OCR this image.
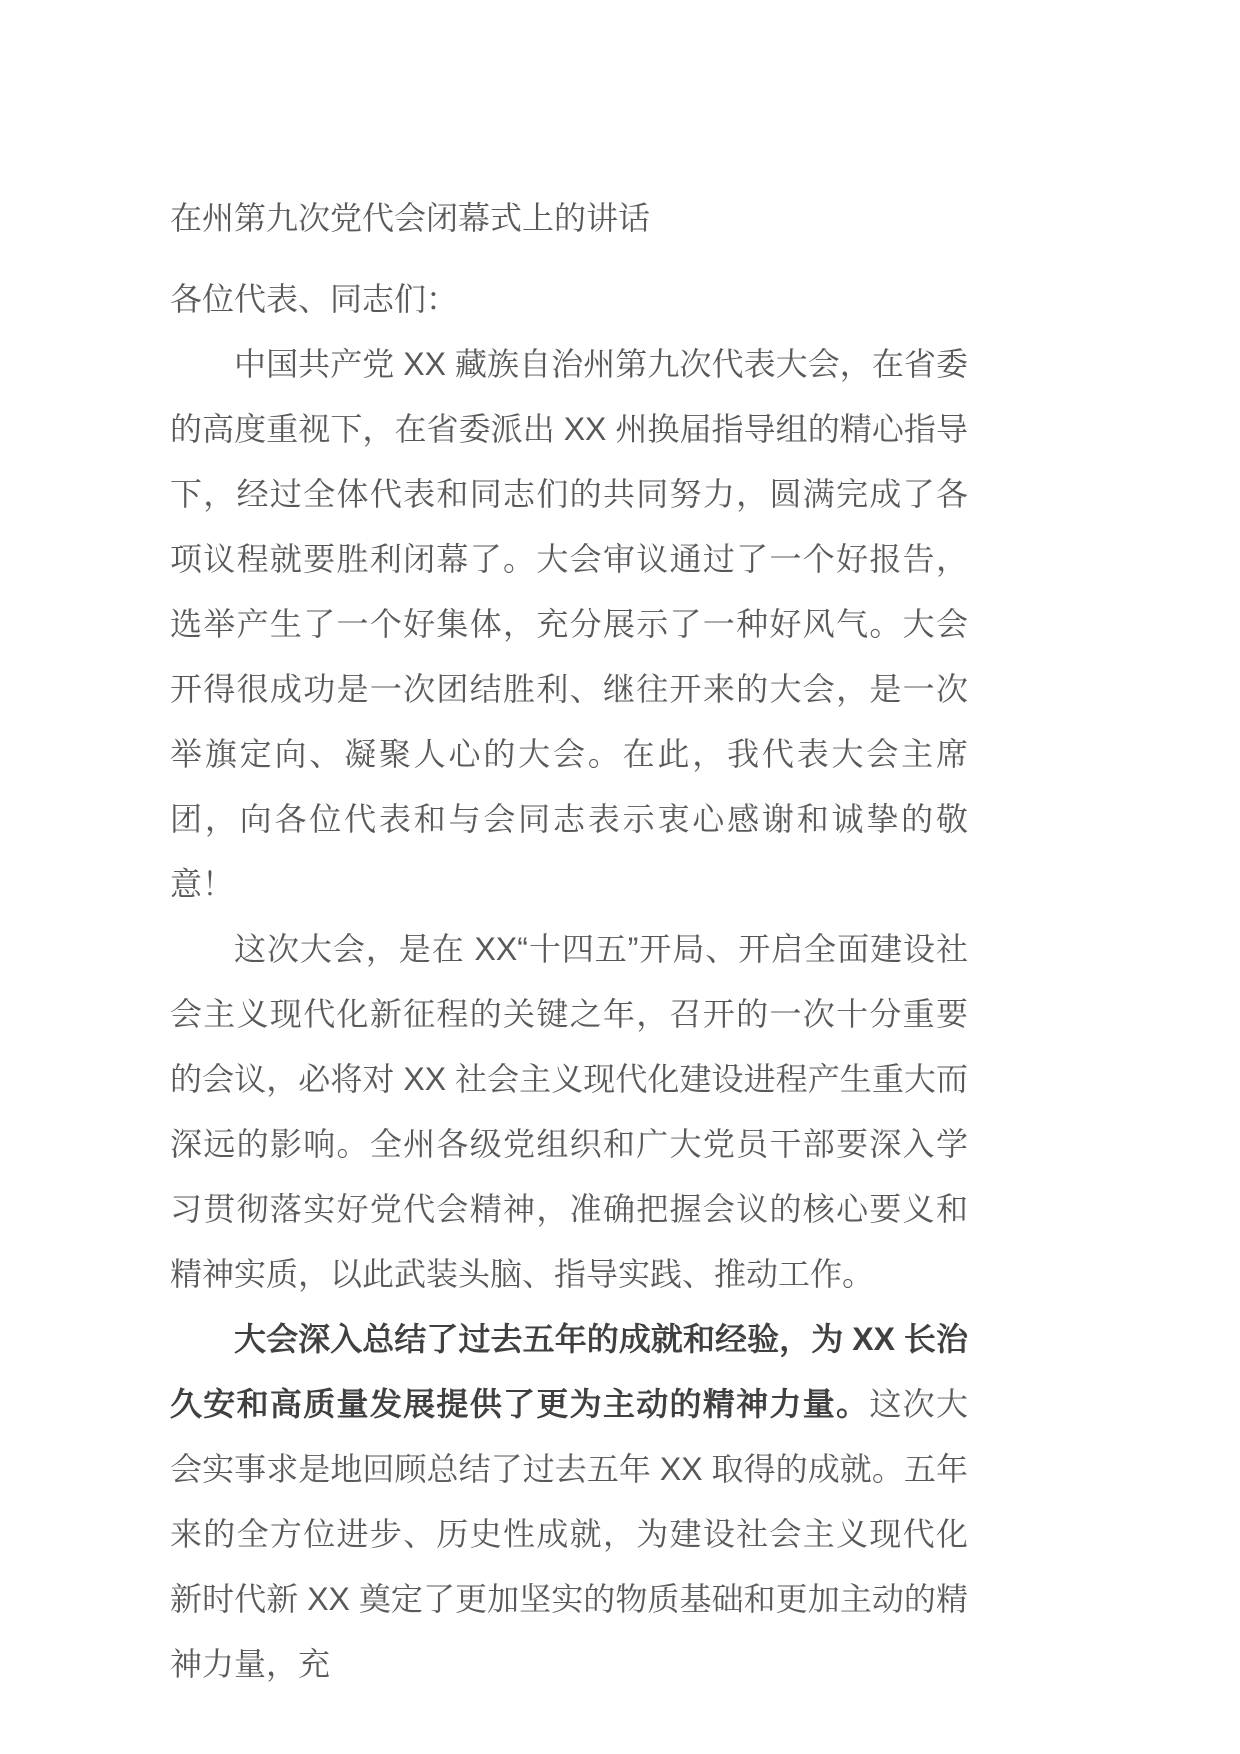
在州第九次党代会闭幕式上的讲话

各位代表、同志们：

中国共产党 XX 藏族自治州第九次代表大会，在省委的高度重视下，在省委派出 XX 州换届指导组的精心指导下，经过全体代表和同志们的共同努力，圆满完成了各项议程就要胜利闭幕了。大会审议通过了一个好报告，选举产生了一个好集体，充分展示了一种好风气。大会开得很成功是一次团结胜利、继往开来的大会，是一次举旗定向、凝聚人心的大会。在此，我代表大会主席团，向各位代表和与会同志表示衷心感谢和诚挚的敬意！

这次大会，是在 XX“十四五”开局、开启全面建设社会主义现代化新征程的关键之年，召开的一次十分重要的会议，必将对 XX 社会主义现代化建设进程产生重大而深远的影响。全州各级党组织和广大党员干部要深入学习贯彻落实好党代会精神，准确把握会议的核心要义和精神实质，以此武装头脑、指导实践、推动工作。

大会深入总结了过去五年的成就和经验，为 XX 长治久安和高质量发展提供了更为主动的精神力量。这次大会实事求是地回顾总结了过去五年 XX 取得的成就。五年来的全方位进步、历史性成就，为建设社会主义现代化新时代新 XX 奠定了更加坚实的物质基础和更加主动的精神力量，充
